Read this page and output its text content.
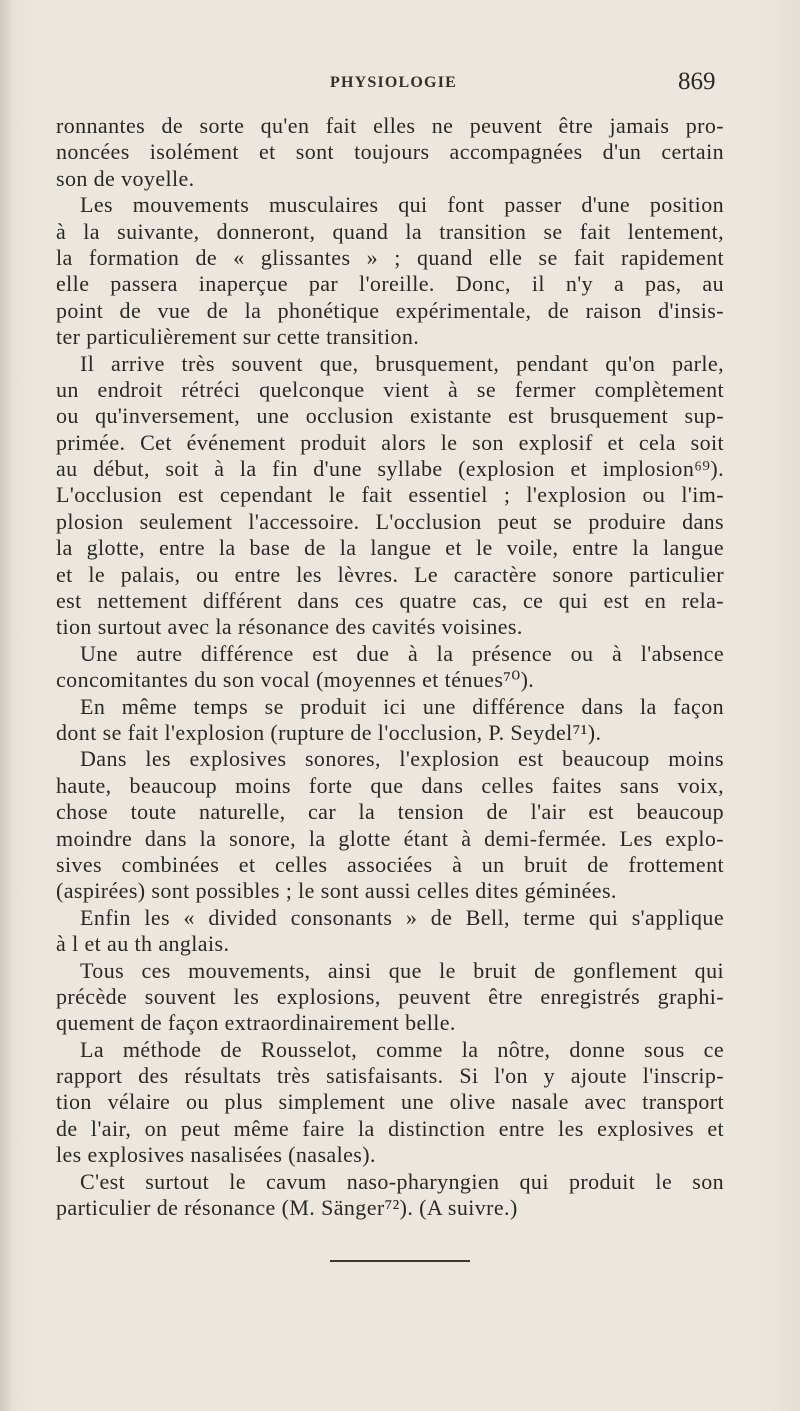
PHYSIOLOGIE	869
ronnantes de sorte qu'en fait elles ne peuvent être jamais pro-
noncées isolément et sont toujours accompagnées d'un certain
son de voyelle.
Les mouvements musculaires qui font passer d'une position
à la suivante, donneront, quand la transition se fait lentement,
la formation de « glissantes » ; quand elle se fait rapidement
elle passera inaperçue par l'oreille. Donc, il n'y a pas, au
point de vue de la phonétique expérimentale, de raison d'insis-
ter particulièrement sur cette transition.
Il arrive très souvent que, brusquement, pendant qu'on parle,
un endroit rétréci quelconque vient à se fermer complètement
ou qu'inversement, une occlusion existante est brusquement sup-
primée. Cet événement produit alors le son explosif et cela soit
au début, soit à la fin d'une syllabe (explosion et implosion⁶⁹).
L'occlusion est cependant le fait essentiel ; l'explosion ou l'im-
plosion seulement l'accessoire. L'occlusion peut se produire dans
la glotte, entre la base de la langue et le voile, entre la langue
et le palais, ou entre les lèvres. Le caractère sonore particulier
est nettement différent dans ces quatre cas, ce qui est en rela-
tion surtout avec la résonance des cavités voisines.
Une autre différence est due à la présence ou à l'absence
concomitantes du son vocal (moyennes et ténues⁷⁰).
En même temps se produit ici une différence dans la façon
dont se fait l'explosion (rupture de l'occlusion, P. Seydel⁷¹).
Dans les explosives sonores, l'explosion est beaucoup moins
haute, beaucoup moins forte que dans celles faites sans voix,
chose toute naturelle, car la tension de l'air est beaucoup
moindre dans la sonore, la glotte étant à demi-fermée. Les explo-
sives combinées et celles associées à un bruit de frottement
(aspirées) sont possibles ; le sont aussi celles dites géminées.
Enfin les « divided consonants » de Bell, terme qui s'applique
à l et au th anglais.
Tous ces mouvements, ainsi que le bruit de gonflement qui
précède souvent les explosions, peuvent être enregistrés graphi-
quement de façon extraordinairement belle.
La méthode de Rousselot, comme la nôtre, donne sous ce
rapport des résultats très satisfaisants. Si l'on y ajoute l'inscrip-
tion vélaire ou plus simplement une olive nasale avec transport
de l'air, on peut même faire la distinction entre les explosives et
les explosives nasalisées (nasales).
C'est surtout le cavum naso-pharyngien qui produit le son
particulier de résonance (M. Sänger⁷²). (A suivre.)
